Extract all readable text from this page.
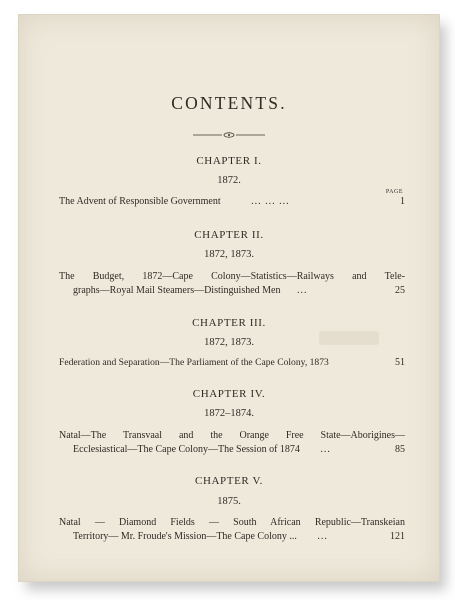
CONTENTS.
CHAPTER I.
1872.
PAGE
The Advent of Responsible Government	... ... ...	1
CHAPTER II.
1872, 1873.
The Budget, 1872—Cape Colony—Statistics—Railways and Tele-
graphs—Royal Mail Steamers—Distinguished Men ...	25
CHAPTER III.
1872, 1873.
Federation and Separation—The Parliament of the Cape Colony, 1873	51
CHAPTER IV.
1872–1874.
Natal—The Transvaal and the Orange Free State—Aborigines—
Ecclesiastical—The Cape Colony—The Session of 1874 ...	85
CHAPTER V.
1875.
Natal — Diamond Fields — South African Republic—Transkeian
Territory— Mr. Froude's Mission—The Cape Colony ... ...	121
